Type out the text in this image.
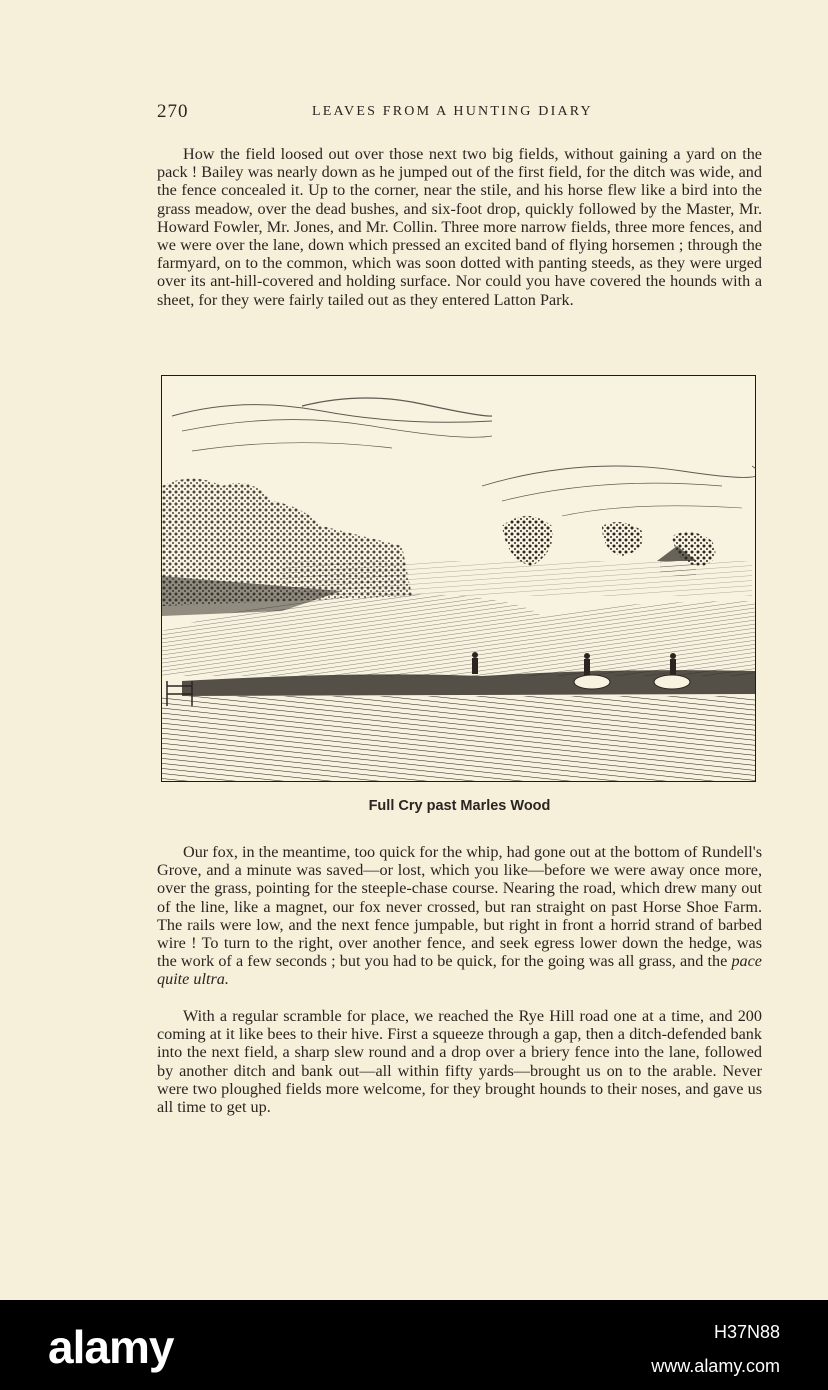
270	LEAVES FROM A HUNTING DIARY

How the field loosed out over those next two big fields, without gaining a yard on the pack ! Bailey was nearly down as he jumped out of the first field, for the ditch was wide, and the fence concealed it. Up to the corner, near the stile, and his horse flew like a bird into the grass meadow, over the dead bushes, and six-foot drop, quickly followed by the Master, Mr. Howard Fowler, Mr. Jones, and Mr. Collin. Three more narrow fields, three more fences, and we were over the lane, down which pressed an excited band of flying horsemen ; through the farmyard, on to the common, which was soon dotted with panting steeds, as they were urged over its ant-hill-covered and holding surface. Nor could you have covered the hounds with a sheet, for they were fairly tailed out as they entered Latton Park.

Full Cry past Marles Wood

Our fox, in the meantime, too quick for the whip, had gone out at the bottom of Rundell's Grove, and a minute was saved—or lost, which you like—before we were away once more, over the grass, pointing for the steeple-chase course. Nearing the road, which drew many out of the line, like a magnet, our fox never crossed, but ran straight on past Horse Shoe Farm. The rails were low, and the next fence jumpable, but right in front a horrid strand of barbed wire ! To turn to the right, over another fence, and seek egress lower down the hedge, was the work of a few seconds ; but you had to be quick, for the going was all grass, and the pace quite ultra.

With a regular scramble for place, we reached the Rye Hill road one at a time, and 200 coming at it like bees to their hive. First a squeeze through a gap, then a ditch-defended bank into the next field, a sharp slew round and a drop over a briery fence into the lane, followed by another ditch and bank out—all within fifty yards—brought us on to the arable. Never were two ploughed fields more welcome, for they brought hounds to their noses, and gave us all time to get up.

alamy	H37N88
www.alamy.com
